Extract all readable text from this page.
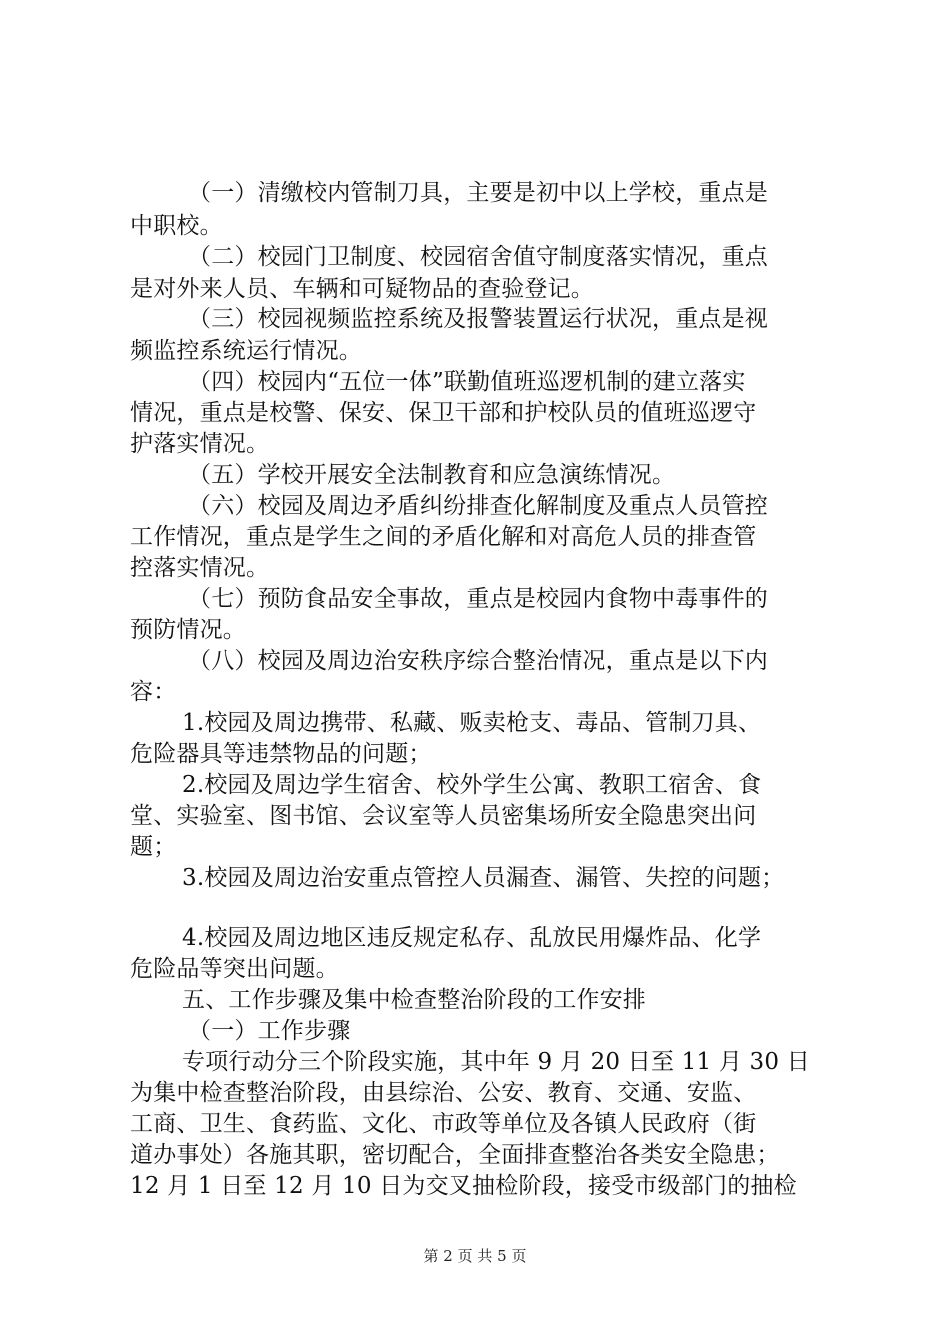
（一）清缴校内管制刀具，主要是初中以上学校，重点是
中职校。
（二）校园门卫制度、校园宿舍值守制度落实情况，重点
是对外来人员、车辆和可疑物品的查验登记。
（三）校园视频监控系统及报警装置运行状况，重点是视
频监控系统运行情况。
（四）校园内“五位一体”联勤值班巡逻机制的建立落实
情况，重点是校警、保安、保卫干部和护校队员的值班巡逻守
护落实情况。
（五）学校开展安全法制教育和应急演练情况。
（六）校园及周边矛盾纠纷排查化解制度及重点人员管控
工作情况，重点是学生之间的矛盾化解和对高危人员的排查管
控落实情况。
（七）预防食品安全事故，重点是校园内食物中毒事件的
预防情况。
（八）校园及周边治安秩序综合整治情况，重点是以下内
容：
1.校园及周边携带、私藏、贩卖枪支、毒品、管制刀具、
危险器具等违禁物品的问题；
2.校园及周边学生宿舍、校外学生公寓、教职工宿舍、食
堂、实验室、图书馆、会议室等人员密集场所安全隐患突出问
题；
3.校园及周边治安重点管控人员漏查、漏管、失控的问题；
4.校园及周边地区违反规定私存、乱放民用爆炸品、化学
危险品等突出问题。
五、工作步骤及集中检查整治阶段的工作安排
（一）工作步骤
专项行动分三个阶段实施，其中年 9 月 20 日至 11 月 30 日
为集中检查整治阶段，由县综治、公安、教育、交通、安监、
工商、卫生、食药监、文化、市政等单位及各镇人民政府（街
道办事处）各施其职，密切配合，全面排查整治各类安全隐患；
12 月 1 日至 12 月 10 日为交叉抽检阶段，接受市级部门的抽检
第 2 页 共 5 页
